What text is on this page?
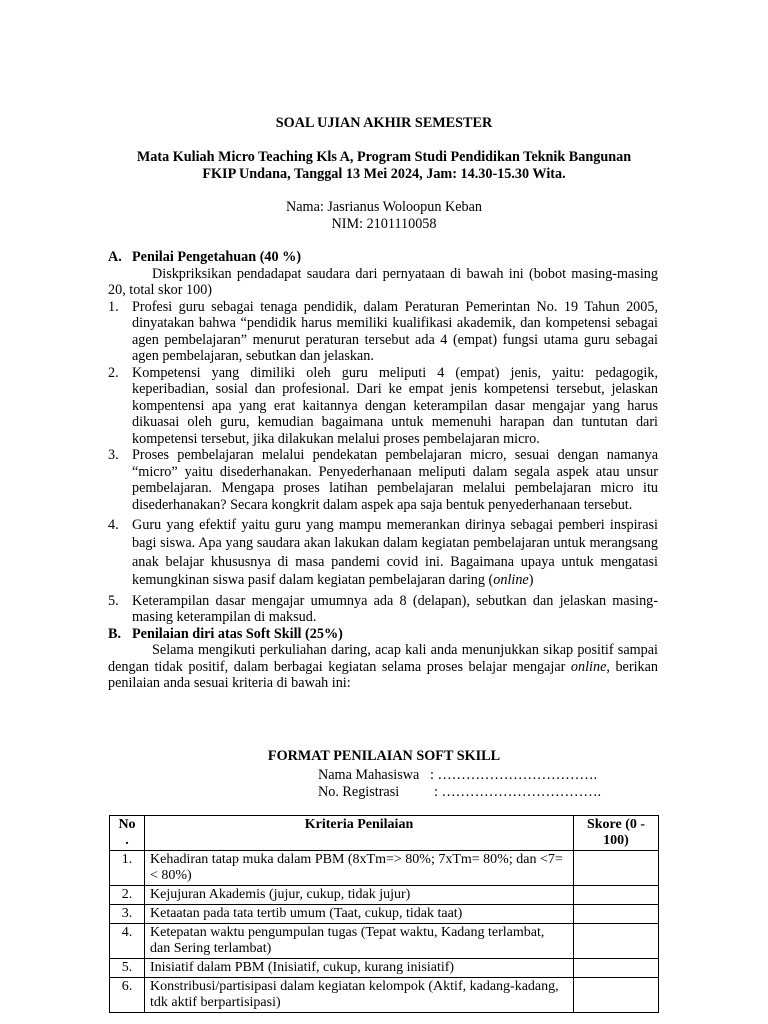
SOAL UJIAN AKHIR SEMESTER
Mata Kuliah Micro Teaching Kls A, Program Studi Pendidikan Teknik Bangunan
FKIP Undana, Tanggal 13 Mei 2024, Jam: 14.30-15.30 Wita.
Nama: Jasrianus Woloopun Keban
NIM: 2101110058
A. Penilai Pengetahuan (40 %)
Diskpriksikan pendadapat saudara dari pernyataan di bawah ini (bobot masing-masing 20, total skor 100)
1. Profesi guru sebagai tenaga pendidik, dalam Peraturan Pemerintan No. 19 Tahun 2005, dinyatakan bahwa “pendidik harus memiliki kualifikasi akademik, dan kompetensi sebagai agen pembelajaran” menurut peraturan tersebut ada 4 (empat) fungsi utama guru sebagai agen pembelajaran, sebutkan dan jelaskan.
2. Kompetensi yang dimiliki oleh guru meliputi 4 (empat) jenis, yaitu: pedagogik, keperibadian, sosial dan profesional. Dari ke empat jenis kompetensi tersebut, jelaskan kompentensi apa yang erat kaitannya dengan keterampilan dasar mengajar yang harus dikuasai oleh guru, kemudian bagaimana untuk memenuhi harapan dan tuntutan dari kompetensi tersebut, jika dilakukan melalui proses pembelajaran micro.
3. Proses pembelajaran melalui pendekatan pembelajaran micro, sesuai dengan namanya “micro” yaitu disederhanakan. Penyederhanaan meliputi dalam segala aspek atau unsur pembelajaran. Mengapa proses latihan pembelajaran melalui pembelajaran micro itu disederhanakan? Secara kongkrit dalam aspek apa saja bentuk penyederhanaan tersebut.
4. Guru yang efektif yaitu guru yang mampu memerankan dirinya sebagai pemberi inspirasi bagi siswa. Apa yang saudara akan lakukan dalam kegiatan pembelajaran untuk merangsang anak belajar khususnya di masa pandemi covid ini. Bagaimana upaya untuk mengatasi kemungkinan siswa pasif dalam kegiatan pembelajaran daring (online)
5. Keterampilan dasar mengajar umumnya ada 8 (delapan), sebutkan dan jelaskan masing-masing keterampilan di maksud.
B. Penilaian diri atas Soft Skill (25%)
Selama mengikuti perkuliahan daring, acap kali anda menunjukkan sikap positif sampai dengan tidak positif, dalam berbagai kegiatan selama proses belajar mengajar online, berikan penilaian anda sesuai kriteria di bawah ini:
FORMAT PENILAIAN SOFT SKILL
Nama Mahasiswa : …………………………….
No. Registrasi : …………………………….
No .	Kriteria Penilaian	Skore (0 - 100)
1.	Kehadiran tatap muka dalam PBM (8xTm=> 80%; 7xTm= 80%; dan <7=< 80%)	
2.	Kejujuran Akademis (jujur, cukup, tidak jujur)	
3.	Ketaatan pada tata tertib umum (Taat, cukup, tidak taat)	
4.	Ketepatan waktu pengumpulan tugas (Tepat waktu, Kadang terlambat, dan Sering terlambat)	
5.	Inisiatif dalam PBM (Inisiatif, cukup, kurang inisiatif)	
6.	Konstribusi/partisipasi dalam kegiatan kelompok (Aktif, kadang-kadang, tdk aktif berpartisipasi)	
